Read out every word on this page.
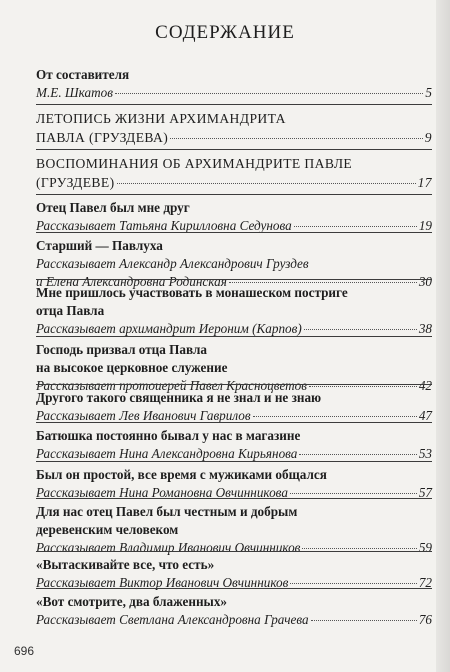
СОДЕРЖАНИЕ
От составителя
М.Е. Шкатов	5
ЛЕТОПИСЬ ЖИЗНИ АРХИМАНДРИТА
ПАВЛА (ГРУЗДЕВА)	9
ВОСПОМИНАНИЯ ОБ АРХИМАНДРИТЕ ПАВЛЕ
(ГРУЗДЕВЕ)	17
Отец Павел был мне друг
Рассказывает Татьяна Кирилловна Седунова	19
Старший — Павлуха
Рассказывает Александр Александрович Груздев
и Елена Александровна Родинская	30
Мне пришлось участвовать в монашеском постриге
отца Павла
Рассказывает архимандрит Иероним (Карпов)	38
Господь призвал отца Павла
на высокое церковное служение
Рассказывает протоиерей Павел Красноцветов	42
Другого такого священника я не знал и не знаю
Рассказывает Лев Иванович Гаврилов	47
Батюшка постоянно бывал у нас в магазине
Рассказывает Нина Александровна Кирьянова	53
Был он простой, все время с мужиками общался
Рассказывает Нина Романовна Овчинникова	57
Для нас отец Павел был честным и добрым
деревенским человеком
Рассказывает Владимир Иванович Овчинников	59
«Вытаскивайте все, что есть»
Рассказывает Виктор Иванович Овчинников	72
«Вот смотрите, два блаженных»
Рассказывает Светлана Александровна Грачева	76
696
